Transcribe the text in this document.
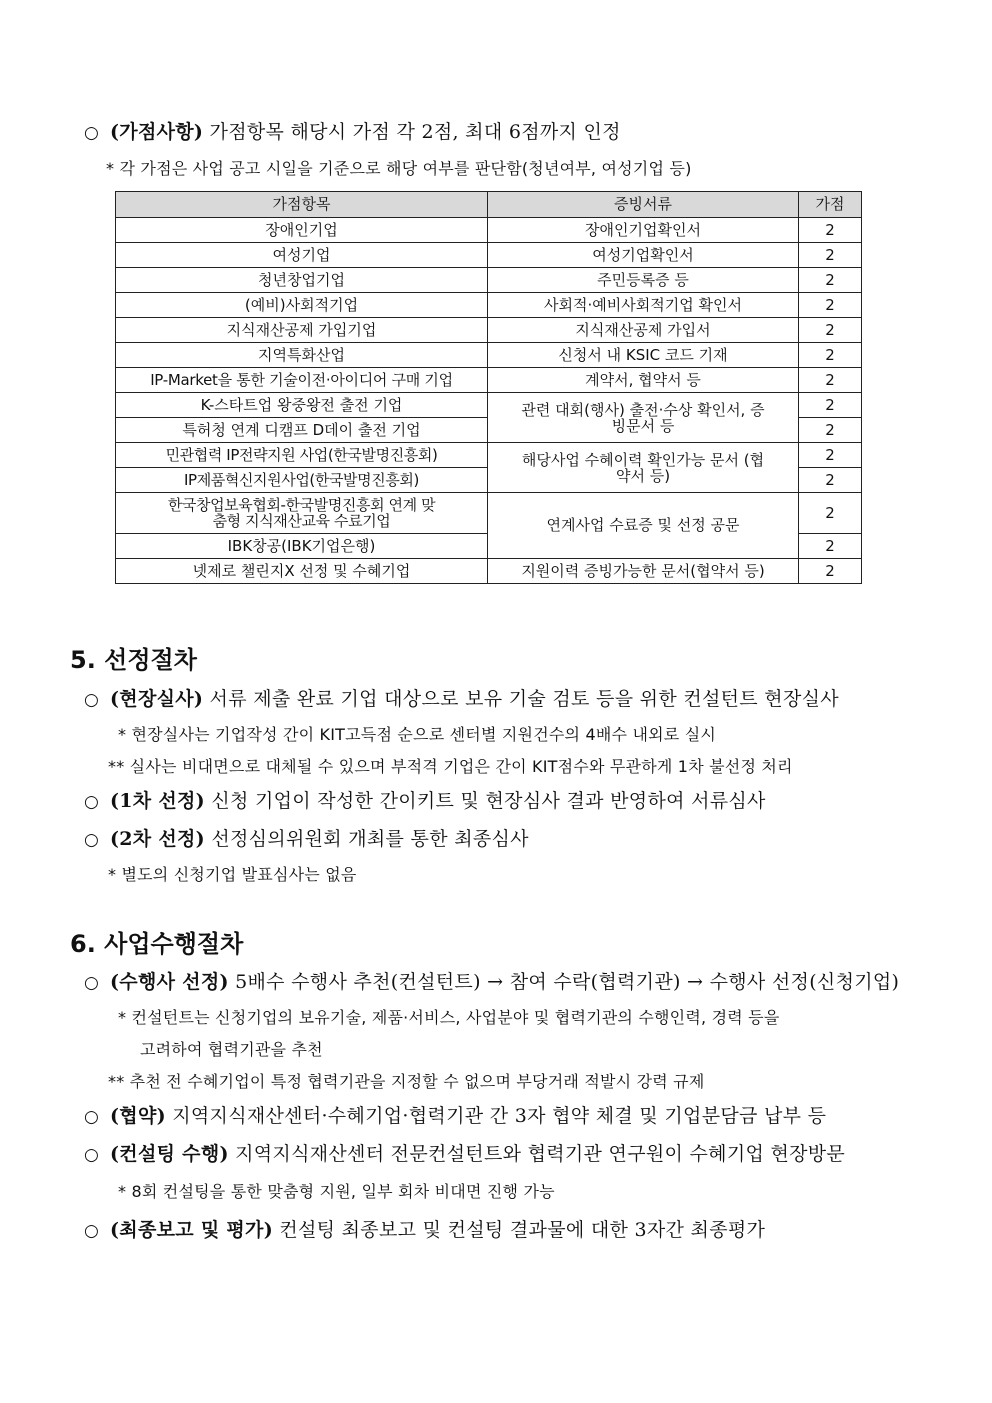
○ (가점사항) 가점항목 해당시 가점 각 2점, 최대 6점까지 인정
* 각 가점은 사업 공고 시일을 기준으로 해당 여부를 판단함(청년여부, 여성기업 등)
가점항목	증빙서류	가점
장애인기업	장애인기업확인서	2
여성기업	여성기업확인서	2
청년창업기업	주민등록증 등	2
(예비)사회적기업	사회적·예비사회적기업 확인서	2
지식재산공제 가입기업	지식재산공제 가입서	2
지역특화산업	신청서 내 KSIC 코드 기재	2
IP-Market을 통한 기술이전·아이디어 구매 기업	계약서, 협약서 등	2
K-스타트업 왕중왕전 출전 기업	관련 대회(행사) 출전·수상 확인서, 증빙문서 등	2
특허청 연계 디캠프 D데이 출전 기업		2
민관협력 IP전략지원 사업(한국발명진흥회)	해당사업 수혜이력 확인가능 문서 (협약서 등)	2
IP제품혁신지원사업(한국발명진흥회)		2
한국창업보육협회-한국발명진흥회 연계 맞춤형 지식재산교육 수료기업	연계사업 수료증 및 선정 공문	2
IBK창공(IBK기업은행)		2
넷제로 챌린지X 선정 및 수혜기업	지원이력 증빙가능한 문서(협약서 등)	2
5. 선정절차
○ (현장실사) 서류 제출 완료 기업 대상으로 보유 기술 검토 등을 위한 컨설턴트 현장실사
* 현장실사는 기업작성 간이 KIT고득점 순으로 센터별 지원건수의 4배수 내외로 실시
** 실사는 비대면으로 대체될 수 있으며 부적격 기업은 간이 KIT점수와 무관하게 1차 불선정 처리
○ (1차 선정) 신청 기업이 작성한 간이키트 및 현장심사 결과 반영하여 서류심사
○ (2차 선정) 선정심의위원회 개최를 통한 최종심사
* 별도의 신청기업 발표심사는 없음
6. 사업수행절차
○ (수행사 선정) 5배수 수행사 추천(컨설턴트) → 참여 수락(협력기관) → 수행사 선정(신청기업)
* 컨설턴트는 신청기업의 보유기술, 제품·서비스, 사업분야 및 협력기관의 수행인력, 경력 등을
고려하여 협력기관을 추천
** 추천 전 수혜기업이 특정 협력기관을 지정할 수 없으며 부당거래 적발시 강력 규제
○ (협약) 지역지식재산센터·수혜기업·협력기관 간 3자 협약 체결 및 기업분담금 납부 등
○ (컨설팅 수행) 지역지식재산센터 전문컨설턴트와 협력기관 연구원이 수혜기업 현장방문
* 8회 컨설팅을 통한 맞춤형 지원, 일부 회차 비대면 진행 가능
○ (최종보고 및 평가) 컨설팅 최종보고 및 컨설팅 결과물에 대한 3자간 최종평가
